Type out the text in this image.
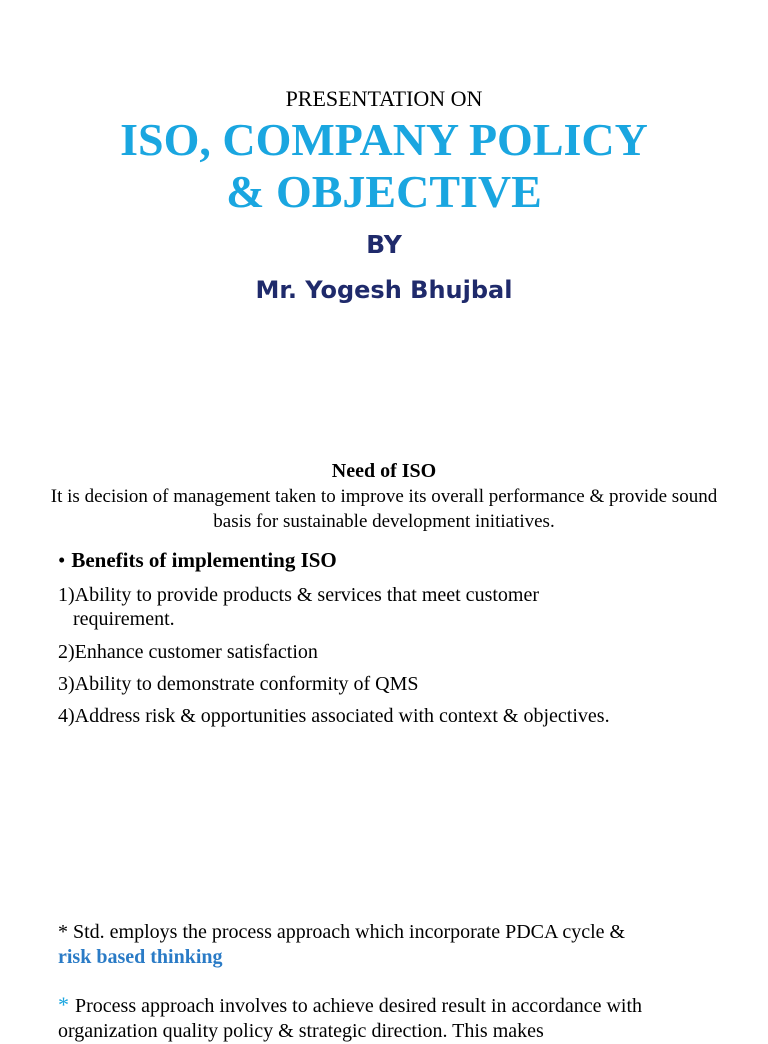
PRESENTATION ON
ISO, COMPANY POLICY
& OBJECTIVE
BY
Mr. Yogesh Bhujbal
Need of ISO
It is decision of management taken to improve its overall performance & provide sound basis for sustainable development initiatives.
• Benefits of implementing ISO
1)Ability to provide products & services that meet customer
requirement.
2)Enhance customer satisfaction
3)Ability to demonstrate conformity of QMS
4)Address risk & opportunities associated with context & objectives.
* Std. employs the process approach which incorporate PDCA cycle &
risk based thinking
* Process approach involves to achieve desired result in accordance with organization quality policy & strategic direction. This makes
